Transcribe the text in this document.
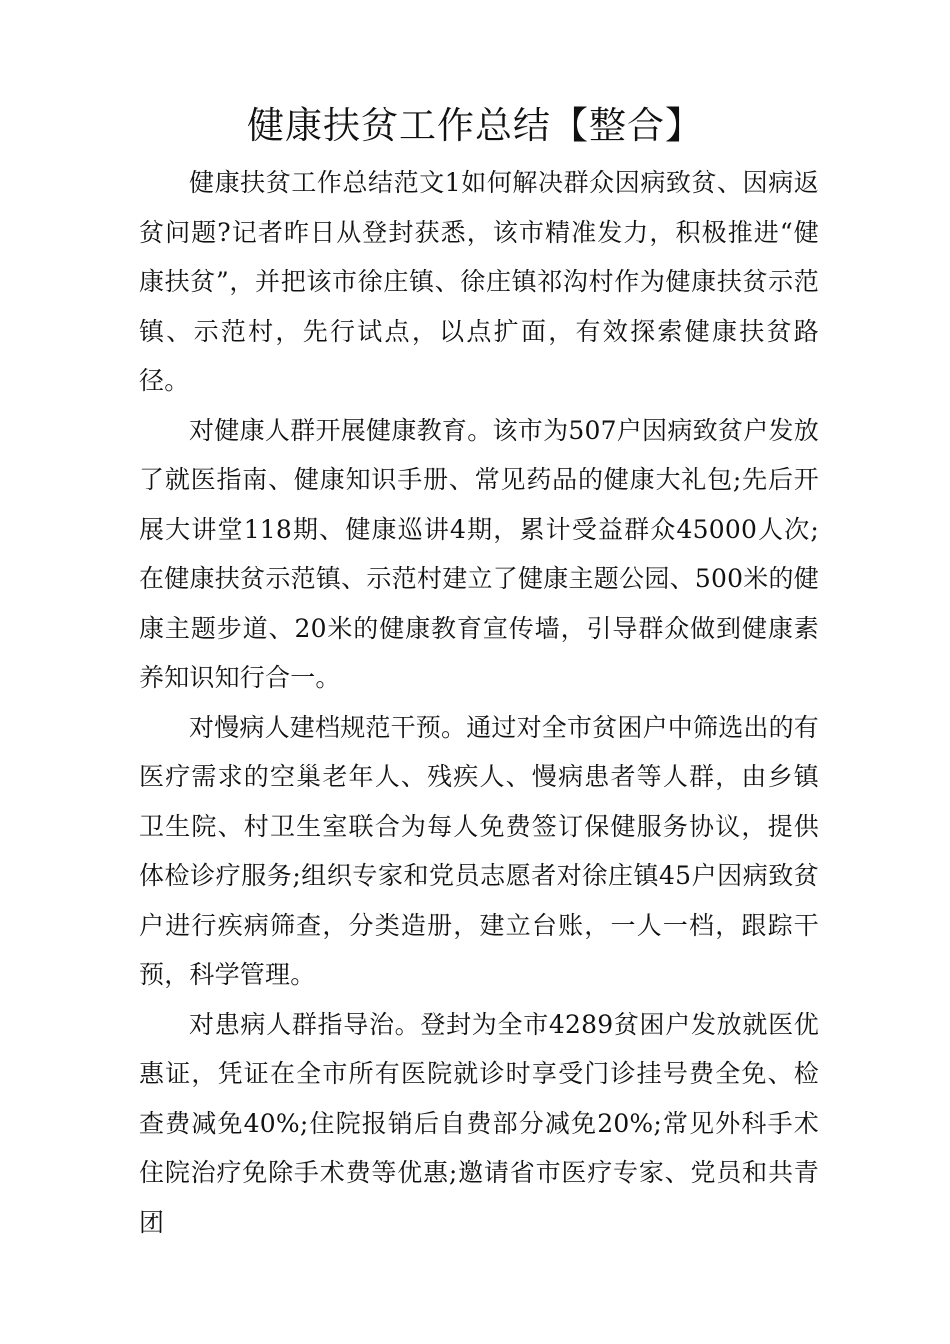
健康扶贫工作总结【整合】

健康扶贫工作总结范文1如何解决群众因病致贫、因病返贫问题?记者昨日从登封获悉，该市精准发力，积极推进“健康扶贫”，并把该市徐庄镇、徐庄镇祁沟村作为健康扶贫示范镇、示范村，先行试点，以点扩面，有效探索健康扶贫路径。

对健康人群开展健康教育。该市为507户因病致贫户发放了就医指南、健康知识手册、常见药品的健康大礼包;先后开展大讲堂118期、健康巡讲4期，累计受益群众45000人次;在健康扶贫示范镇、示范村建立了健康主题公园、500米的健康主题步道、20米的健康教育宣传墙，引导群众做到健康素养知识知行合一。

对慢病人建档规范干预。通过对全市贫困户中筛选出的有医疗需求的空巢老年人、残疾人、慢病患者等人群，由乡镇卫生院、村卫生室联合为每人免费签订保健服务协议，提供体检诊疗服务;组织专家和党员志愿者对徐庄镇45户因病致贫户进行疾病筛查，分类造册，建立台账，一人一档，跟踪干预，科学管理。

对患病人群指导治。登封为全市4289贫困户发放就医优惠证，凭证在全市所有医院就诊时享受门诊挂号费全免、检查费减免40%;住院报销后自费部分减免20%;常见外科手术住院治疗免除手术费等优惠;邀请省市医疗专家、党员和共青团
